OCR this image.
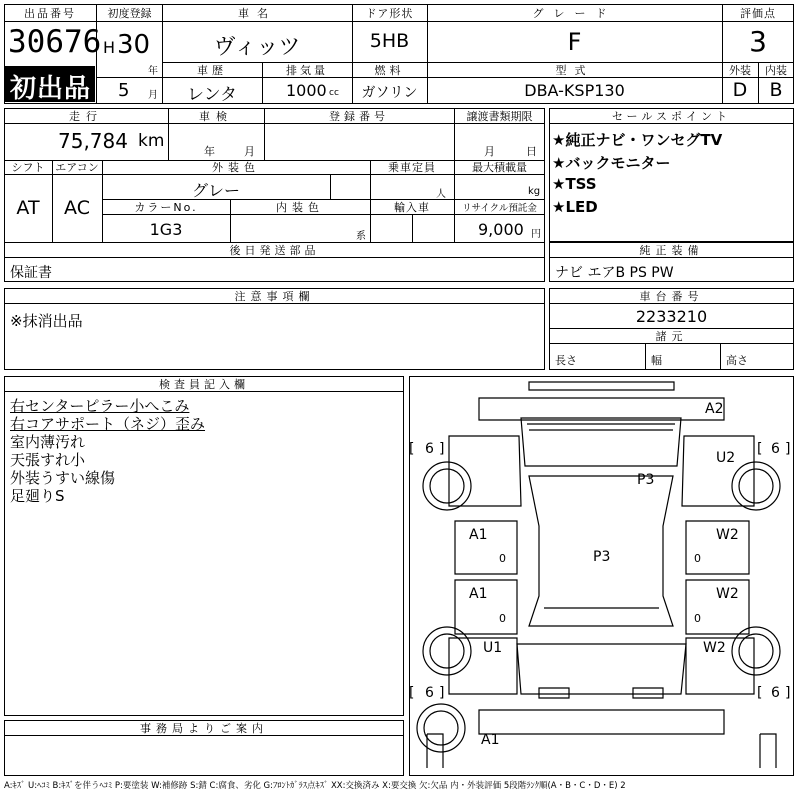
出品番号
30676
初出品
初度登録
H 30
年
5 月
車名
ヴィッツ
ドア形状
5HB
グレード
F
車歴
レンタ
排気量
1000 cc
燃料
ガソリン
型式
DBA-KSP130
評価点
3
外装	内装
D	B
走行
75,784 km
車検
年	月
登録番号	譲渡書類期限
月	日
シフト
AT
エアコン
AC
外装色
グレー
乗車定員
人
最大積載量
kg
カラーNo.
1G3
内装色
系
輸入車	リサイクル預託金
9,000 円
後日発送部品
保証書
セールスポイント
★純正ナビ・ワンセグTV
★バックモニター
★TSS
★LED
純正装備
ナビ エアB PS PW
注意事項欄
※抹消出品
車台番号
2233210
諸元
長さ	幅	高さ
検査員記入欄
右センターピラー小へこみ
右コアサポート（ネジ）歪み
室内薄汚れ
天張すれ小
外装うすい線傷
足廻りS
事務局よりご案内
[ 6 ]	[ 6 ]
[ 6 ]	[ 6 ]
A2
U2
P3
P3
A1
A1
W2
W2
U1	W2
A1
0
0
0
0
A:ｷｽﾞ U:ﾍｺﾐ B:ｷｽﾞを伴うﾍｺﾐ P:要塗装 W:補修跡 S:錆 C:腐食、劣化 G:ﾌﾛﾝﾄｶﾞﾗｽ点ｷｽﾞ XX:交換済み X:要交換 欠:欠品 内・外装評価 5段階ﾗﾝｸ順(A・B・C・D・E) 2
